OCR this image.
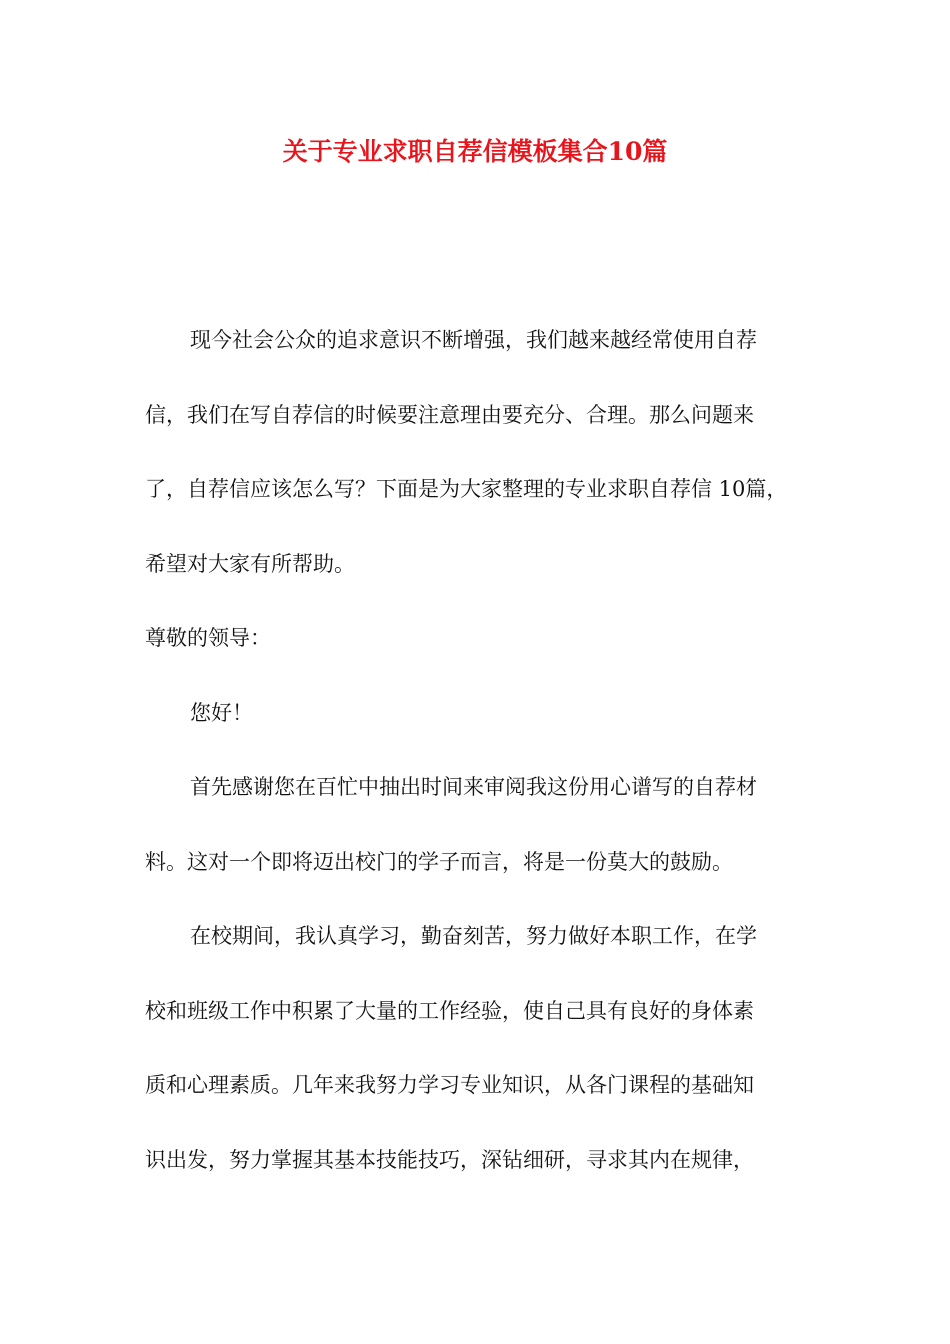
关于专业求职自荐信模板集合10篇
现今社会公众的追求意识不断增强，我们越来越经常使用自荐
信，我们在写自荐信的时候要注意理由要充分、合理。那么问题来
了，自荐信应该怎么写？下面是为大家整理的专业求职自荐信 10篇，
希望对大家有所帮助。
尊敬的领导：
您好！
首先感谢您在百忙中抽出时间来审阅我这份用心谱写的自荐材
料。这对一个即将迈出校门的学子而言，将是一份莫大的鼓励。
在校期间，我认真学习，勤奋刻苦，努力做好本职工作，在学
校和班级工作中积累了大量的工作经验，使自己具有良好的身体素
质和心理素质。几年来我努力学习专业知识，从各门课程的基础知
识出发，努力掌握其基本技能技巧，深钻细研，寻求其内在规律，
